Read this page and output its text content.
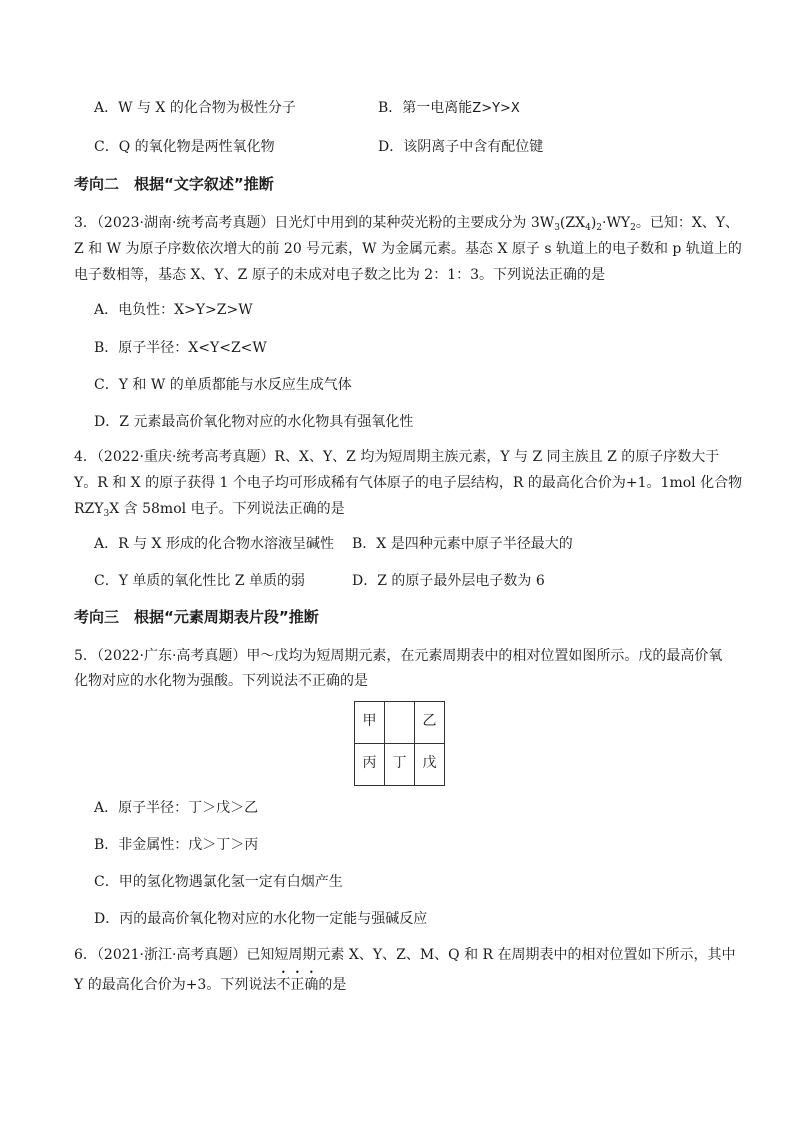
A．W 与 X 的化合物为极性分子	B．第一电离能Z>Y>X
C．Q 的氧化物是两性氧化物	D．该阴离子中含有配位键
考向二　根据“文字叙述”推断
3．（2023·湖南·统考高考真题）日光灯中用到的某种荧光粉的主要成分为 $3W_3(ZX_4)_2\cdot WY_2$。已知：X、Y、
Z 和 W 为原子序数依次增大的前 20 号元素，W 为金属元素。基态 X 原子 s 轨道上的电子数和 p 轨道上的
电子数相等，基态 X、Y、Z 原子的未成对电子数之比为 2：1：3。下列说法正确的是
A．电负性：X>Y>Z>W
B．原子半径：X<Y<Z<W
C．Y 和 W 的单质都能与水反应生成气体
D．Z 元素最高价氧化物对应的水化物具有强氧化性
4．（2022·重庆·统考高考真题）R、X、Y、Z 均为短周期主族元素，Y 与 Z 同主族且 Z 的原子序数大于
Y。R 和 X 的原子获得 1 个电子均可形成稀有气体原子的电子层结构，R 的最高化合价为+1。1mol 化合物
$RZY_3X$ 含 58mol 电子。下列说法正确的是
A．R 与 X 形成的化合物水溶液呈碱性 B．X 是四种元素中原子半径最大的
C．Y 单质的氧化性比 Z 单质的弱	D．Z 的原子最外层电子数为 6
考向三　根据“元素周期表片段”推断
5．（2022·广东·高考真题）甲～戊均为短周期元素，在元素周期表中的相对位置如图所示。戊的最高价氧
化物对应的水化物为强酸。下列说法不正确的是
甲		乙
丙	丁	戊
A．原子半径：丁＞戊＞乙
B．非金属性：戊＞丁＞丙
C．甲的氢化物遇氯化氢一定有白烟产生
D．丙的最高价氧化物对应的水化物一定能与强碱反应
6．（2021·浙江·高考真题）已知短周期元素 X、Y、Z、M、Q 和 R 在周期表中的相对位置如下所示，其中
Y 的最高化合价为+3。下列说法不正确的是
